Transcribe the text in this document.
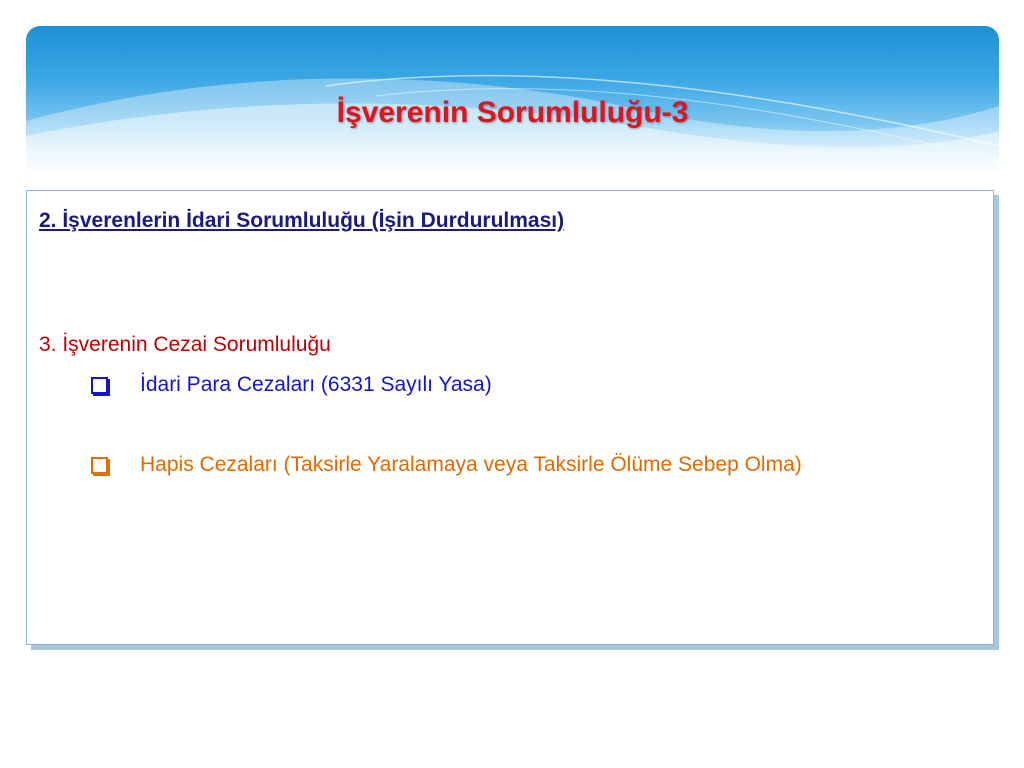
İşverenin Sorumluluğu-3
2. İşverenlerin İdari Sorumluluğu (İşin Durdurulması)
3. İşverenin Cezai Sorumluluğu
İdari Para Cezaları (6331 Sayılı Yasa)
Hapis Cezaları (Taksirle Yaralamaya veya Taksirle Ölüme Sebep Olma)
